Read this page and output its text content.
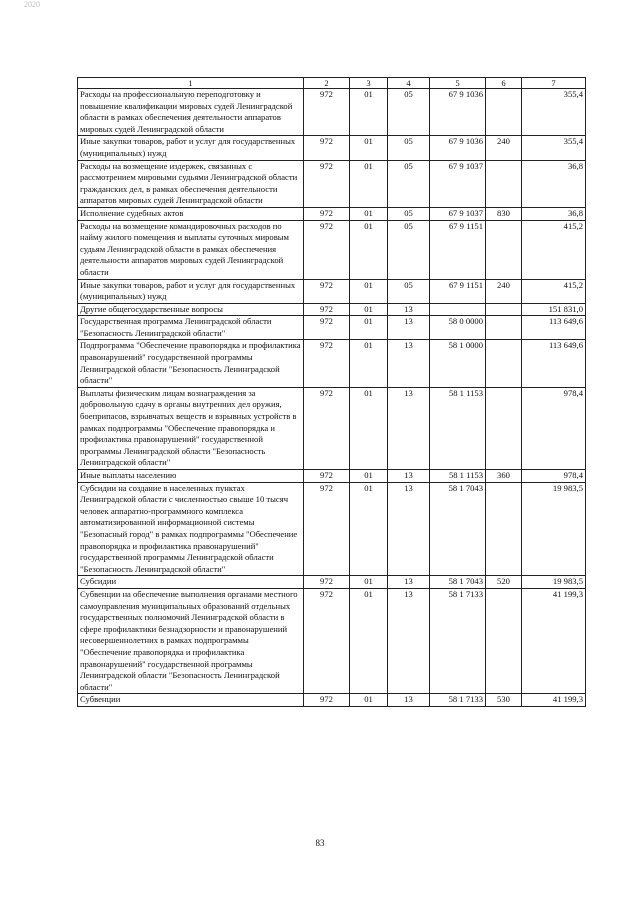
2020
1	2	3	4	5	6	7
Расходы на профессиональную переподготовку и повышение квалификации мировых судей Ленинградской области в рамках обеспечения деятельности аппаратов мировых судей Ленинградской области	972	01	05	67 9 1036		355,4
Иные закупки товаров, работ и услуг для государственных (муниципальных) нужд	972	01	05	67 9 1036	240	355,4
Расходы на возмещение издержек, связанных с рассмотрением мировыми судьями Ленинградской области гражданских дел, в рамках обеспечения деятельности аппаратов мировых судей Ленинградской области	972	01	05	67 9 1037		36,8
Исполнение судебных актов	972	01	05	67 9 1037	830	36,8
Расходы на возмещение командировочных расходов по найму жилого помещения и выплаты суточных мировым судьям Ленинградской области в рамках обеспечения деятельности аппаратов мировых судей Ленинградской области	972	01	05	67 9 1151		415,2
Иные закупки товаров, работ и услуг для государственных (муниципальных) нужд	972	01	05	67 9 1151	240	415,2
Другие общегосударственные вопросы	972	01	13			151 831,0
Государственная программа Ленинградской области "Безопасность Ленинградской области"	972	01	13	58 0 0000		113 649,6
Подпрограмма "Обеспечение правопорядка и профилактика правонарушений" государственной программы Ленинградской области "Безопасность Ленинградской области"	972	01	13	58 1 0000		113 649,6
Выплаты физическим лицам вознаграждения за добровольную сдачу в органы внутренних дел оружия, боеприпасов, взрывчатых веществ и взрывных устройств в рамках подпрограммы "Обеспечение правопорядка и профилактика правонарушений" государственной программы Ленинградской области "Безопасность Ленинградской области"	972	01	13	58 1 1153		978,4
Иные выплаты населению	972	01	13	58 1 1153	360	978,4
Субсидии на создание в населенных пунктах Ленинградской области с численностью свыше 10 тысяч человек аппаратно-программного комплекса автоматизированной информационной системы "Безопасный город" в рамках подпрограммы "Обеспечение правопорядка и профилактика правонарушений" государственной программы Ленинградской области "Безопасность Ленинградской области"	972	01	13	58 1 7043		19 983,5
Субсидии	972	01	13	58 1 7043	520	19 983,5
Субвенции на обеспечение выполнения органами местного самоуправления муниципальных образований отдельных государственных полномочий Ленинградской области в сфере профилактики безнадзорности и правонарушений несовершеннолетних в рамках подпрограммы "Обеспечение правопорядка и профилактика правонарушений" государственной программы Ленинградской области "Безопасность Ленинградской области"	972	01	13	58 1 7133		41 199,3
Субвенции	972	01	13	58 1 7133	530	41 199,3
83
